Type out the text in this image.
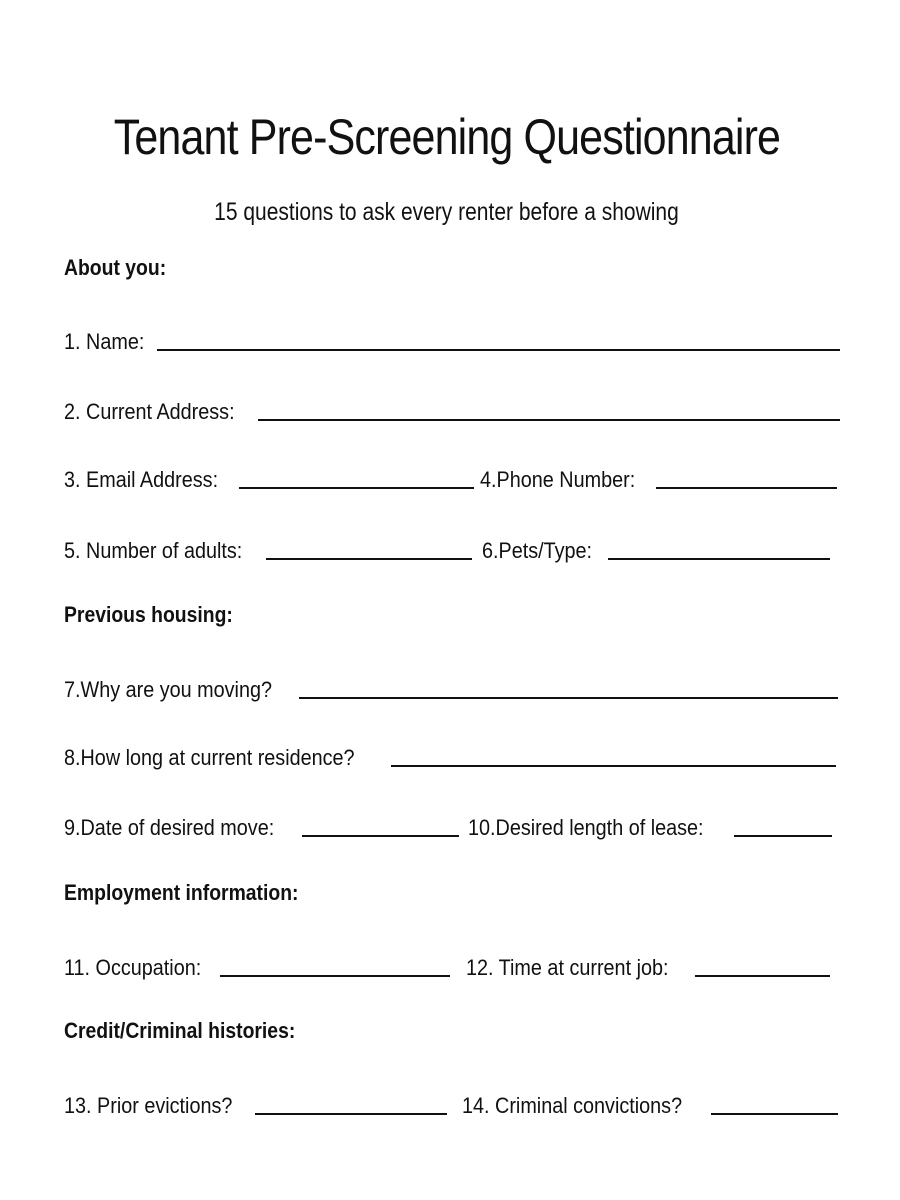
Tenant Pre-Screening Questionnaire
15 questions to ask every renter before a showing
About you:
1. Name:
2. Current Address:
3. Email Address:	4.Phone Number:
5. Number of adults:	6.Pets/Type:
Previous housing:
7.Why are you moving?
8.How long at current residence?
9.Date of desired move:	10.Desired length of lease:
Employment information:
11. Occupation:	12. Time at current job:
Credit/Criminal histories:
13. Prior evictions?	14. Criminal convictions?
